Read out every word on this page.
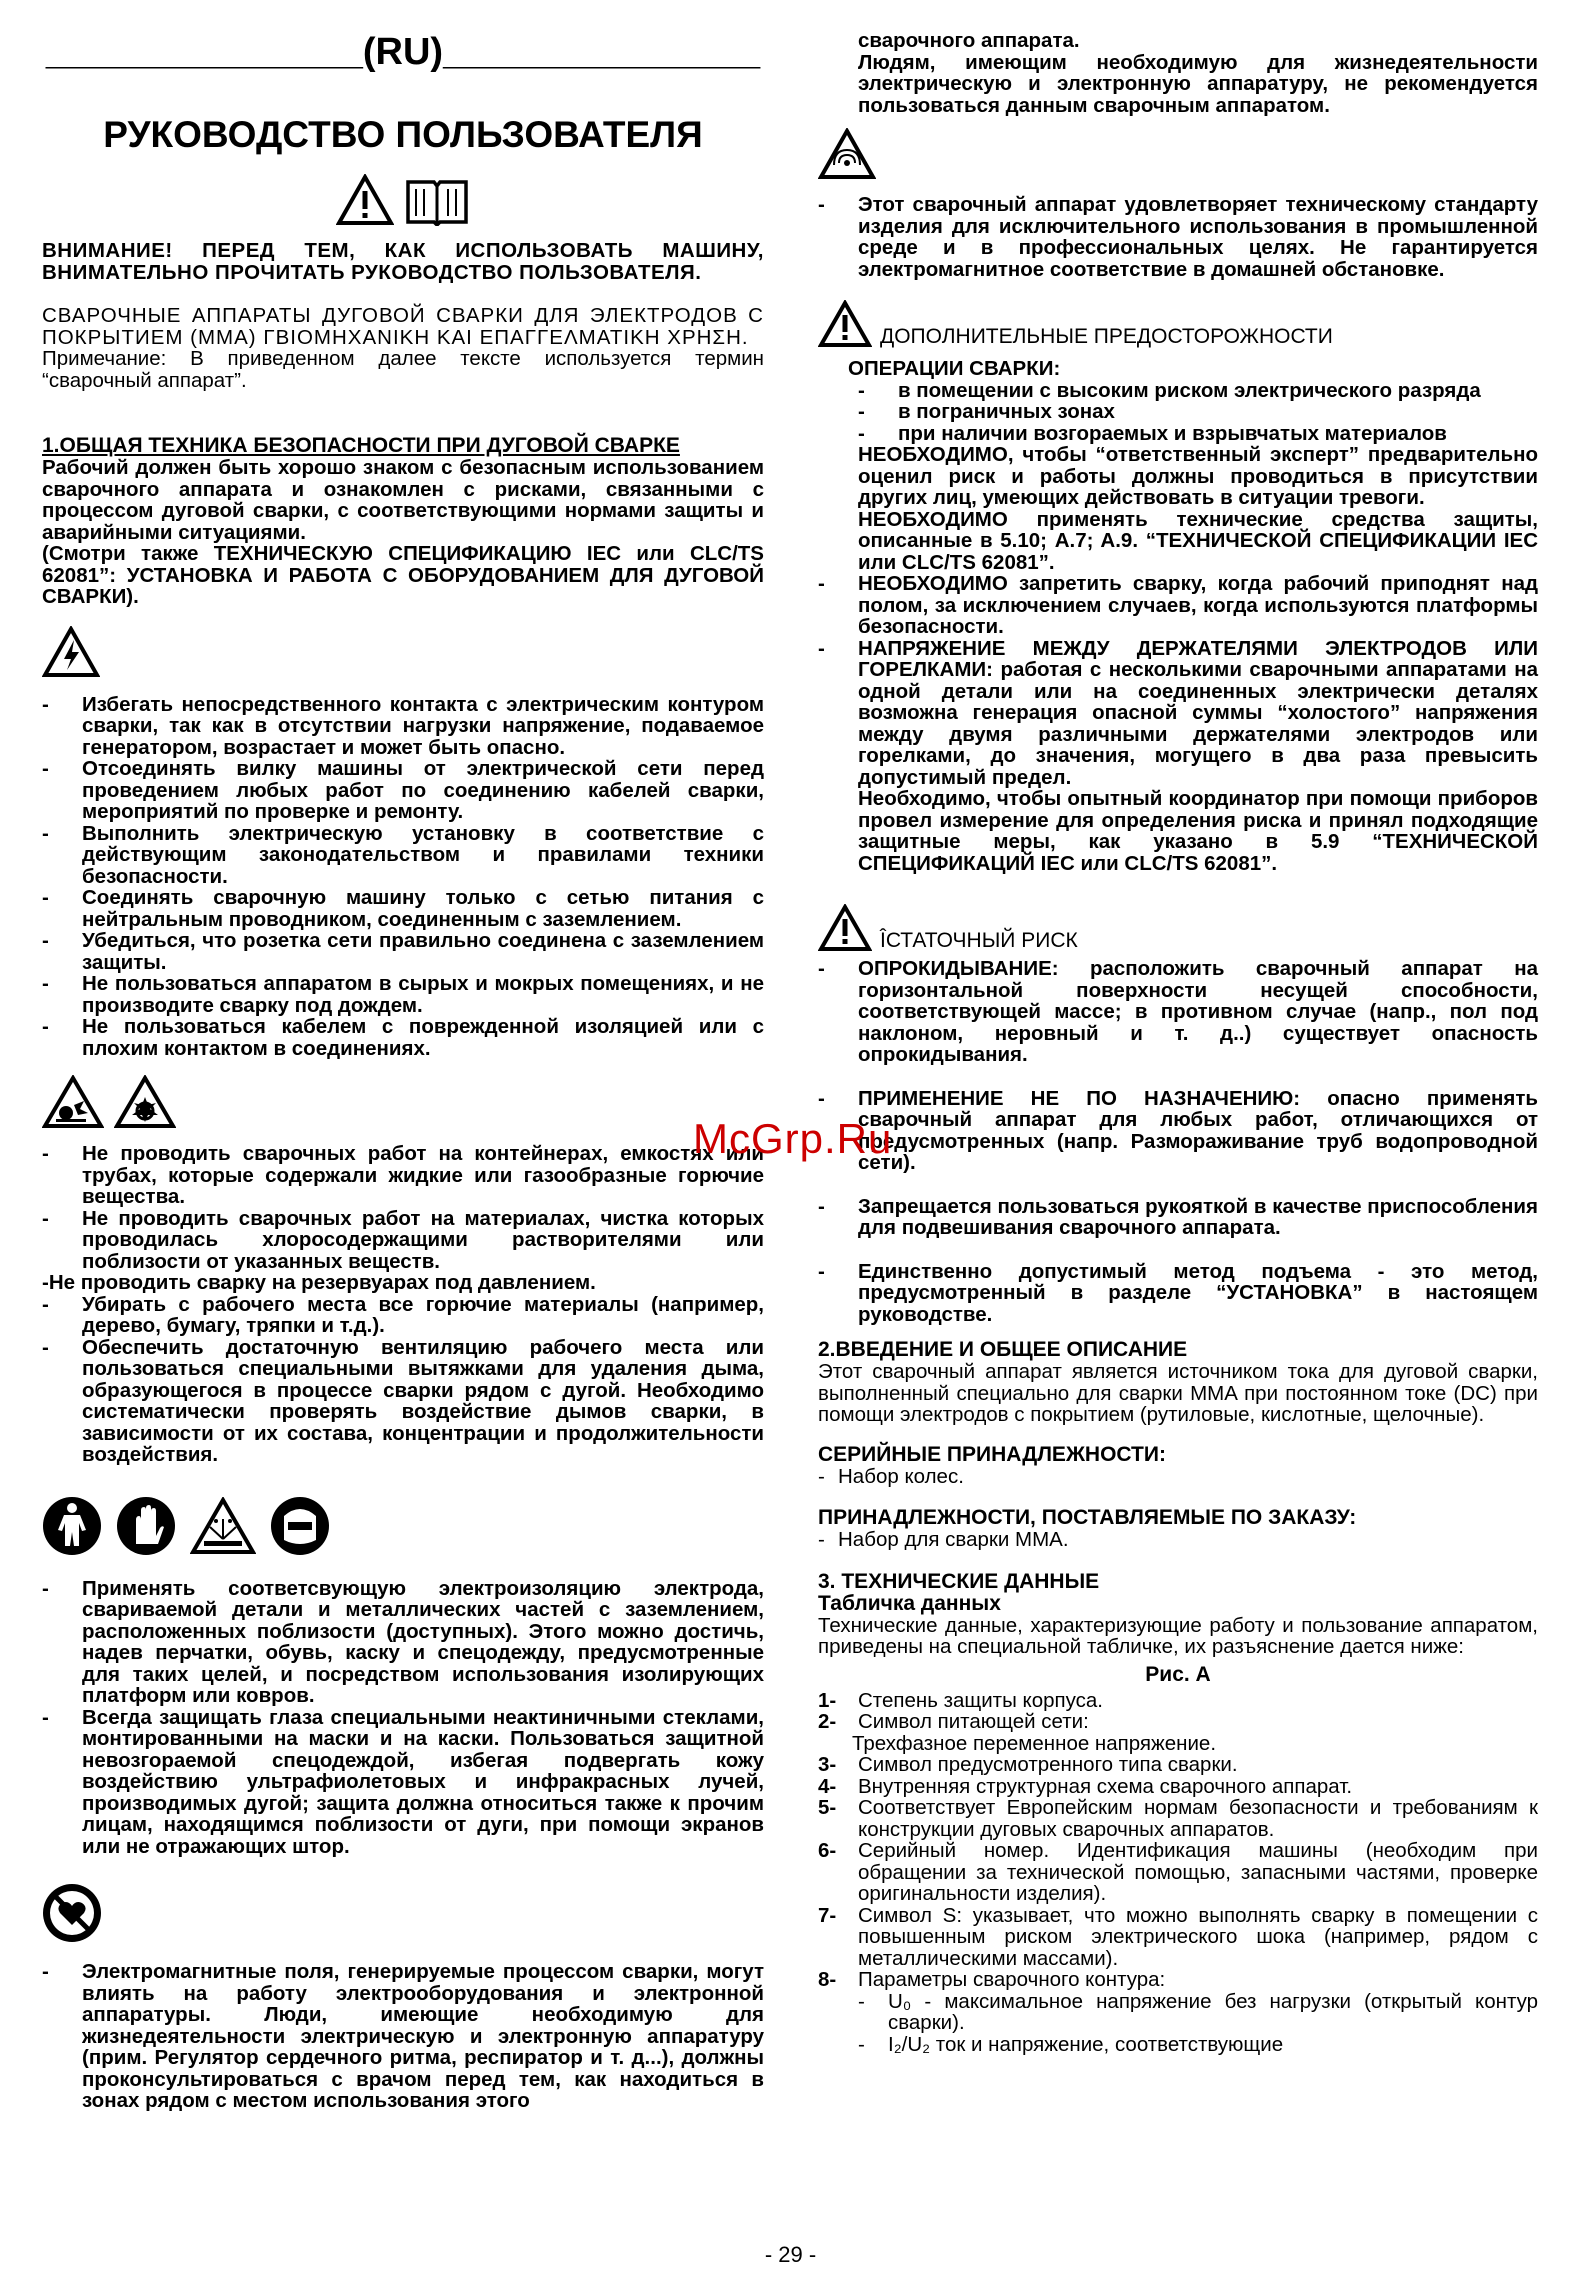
_______________(RU)_______________
РУКОВОДСТВО ПОЛЬЗОВАТЕЛЯ

ВНИМАНИЕ! ПЕРЕД ТЕМ, КАК ИСПОЛЬЗОВАТЬ МАШИНУ, ВНИМАТЕЛЬНО ПРОЧИТАТЬ РУКОВОДСТВО ПОЛЬЗОВАТЕЛЯ.

СВАРОЧНЫЕ АППАРАТЫ ДУГОВОЙ СВАРКИ ДЛЯ ЭЛЕКТРОДОВ С ПОКРЫТИЕМ (MMA) ΓΒΙΟΜΗΧΑΝΙΚΗ ΚΑΙ ΕΠΑΓΓΕΛΜΑΤΙΚΗ ΧΡΗΣΗ.

Примечание: В приведенном далее тексте используется термин “сварочный аппарат”.

1.ОБЩАЯ ТЕХНИКА БЕЗОПАСНОСТИ ПРИ ДУГОВОЙ СВАРКЕ

Рабочий должен быть хорошо знаком с безопасным использованием сварочного аппарата и ознакомлен с рисками, связанными с процессом дуговой сварки, с соответствующими нормами защиты и аварийными ситуациями.

(Смотри также ТЕХНИЧЕСКУЮ СПЕЦИФИКАЦИЮ IEC или CLC/TS 62081”: УСТАНОВКА И РАБОТА С ОБОРУДОВАНИЕМ ДЛЯ ДУГОВОЙ СВАРКИ).

- Избегать непосредственного контакта с электрическим контуром сварки, так как в отсутствии нагрузки напряжение, подаваемое генератором, возрастает и может быть опасно.

- Отсоединять вилку машины от электрической сети перед проведением любых работ по соединению кабелей сварки, мероприятий по проверке и ремонту.

- Выполнить электрическую установку в соответствие с действующим законодательством и правилами техники безопасности.

- Соединять сварочную машину только с сетью питания с нейтральным проводником, соединенным с заземлением.

- Убедиться, что розетка сети правильно соединена с заземлением защиты.

- Не пользоваться аппаратом в сырых и мокрых помещениях, и не производите сварку под дождем.

- Не пользоваться кабелем с поврежденной изоляцией или с плохим контактом в соединениях.

- Не проводить сварочных работ на контейнерах, емкостях или трубах, которые содержали жидкие или газообразные горючие вещества.

- Не проводить сварочных работ на материалах, чистка которых проводилась хлоросодержащими растворителями или поблизости от указанных веществ.

-Не проводить сварку на резервуарах под давлением.

- Убирать с рабочего места все горючие материалы (например, дерево, бумагу, тряпки и т.д.).

- Обеспечить достаточную вентиляцию рабочего места или пользоваться специальными вытяжками для удаления дыма, образующегося в процессе сварки рядом с дугой. Необходимо систематически проверять воздействие дымов сварки, в зависимости от их состава, концентрации и продолжительности воздействия.

- Применять соответсвующую электроизоляцию электрода, свариваемой детали и металлических частей с заземлением, расположенных поблизости (доступных). Этого можно достичь, надев перчатки, обувь, каску и спецодежду, предусмотренные для таких целей, и посредством использования изолирующих платформ или ковров.

- Всегда защищать глаза специальными неактиничными стеклами, монтированными на маски и на каски. Пользоваться защитной невозгораемой спецодеждой, избегая подвергать кожу воздействию ультрафиолетовых и инфракрасных лучей, производимых дугой; защита должна относиться также к прочим лицам, находящимся поблизости от дуги, при помощи экранов или не отражающих штор.

- Электромагнитные поля, генерируемые процессом сварки, могут влиять на работу электрооборудования и электронной аппаратуры. Люди, имеющие необходимую для жизнедеятельности электрическую и электронную аппаратуру (прим. Регулятор сердечного ритма, респиратор и т. д...), должны проконсультироваться с врачом перед тем, как находиться в зонах рядом с местом использования этого

сварочного аппарата.

Людям, имеющим необходимую для жизнедеятельности электрическую и электронную аппаратуру, не рекомендуется пользоваться данным сварочным аппаратом.

- Этот сварочный аппарат удовлетворяет техническому стандарту изделия для исключительного использования в промышленной среде и в профессиональных целях. Не гарантируется электромагнитное соответствие в домашней обстановке.

ДОПОЛНИТЕЛЬНЫЕ ПРЕДОСТОРОЖНОСТИ

ОПЕРАЦИИ СВАРКИ:

- в помещении с высоким риском электрического разряда

- в пограничных зонах

- при наличии возгораемых и взрывчатых материалов

НЕОБХОДИМО, чтобы “ответственный эксперт” предварительно оценил риск и работы должны проводиться в присутствии других лиц, умеющих действовать в ситуации тревоги.

НЕОБХОДИМО применять технические средства защиты, описанные в 5.10; A.7; A.9. “ТЕХНИЧЕСКОЙ СПЕЦИФИКАЦИИ IEC или CLC/TS 62081”.

- НЕОБХОДИМО запретить сварку, когда рабочий приподнят над полом, за исключением случаев, когда используются платформы безопасности.

- НАПРЯЖЕНИЕ МЕЖДУ ДЕРЖАТЕЛЯМИ ЭЛЕКТРОДОВ ИЛИ ГОРЕЛКАМИ: работая с несколькими сварочными аппаратами на одной детали или на соединенных электрически деталях возможна генерация опасной суммы “холостого” напряжения между двумя различными держателями электродов или горелками, до значения, могущего в два раза превысить допустимый предел.

Необходимо, чтобы опытный координатор при помощи приборов провел измерение для определения риска и принял подходящие защитные меры, как указано в 5.9 “ТЕХНИЧЕСКОЙ СПЕЦИФИКАЦИЙ IEC или CLC/TS 62081”.

ÎСТАТОЧНЫЙ РИСК

- ОПРОКИДЫВАНИЕ: расположить сварочный аппарат на горизонтальной поверхности несущей способности, соответствующей массе; в противном случае (напр., пол под наклоном, неровный и т. д..) существует опасность опрокидывания.

- ПРИМЕНЕНИЕ НЕ ПО НАЗНАЧЕНИЮ: опасно применять сварочный аппарат для любых работ, отличающихся от предусмотренных (напр. Размораживание труб водопроводной сети).

- Запрещается пользоваться рукояткой в качестве приспособления для подвешивания сварочного аппарата.

- Единственно допустимый метод подъема - это метод, предусмотренный в разделе “УСТАНОВКА” в настоящем руководстве.

2.ВВЕДЕНИЕ И ОБЩЕЕ ОПИСАНИЕ

Этот сварочный аппарат является источником тока для дуговой сварки, выполненный специально для сварки MMA при постоянном токе (DC) при помощи электродов с покрытием (рутиловые, кислотные, щелочные).

СЕРИЙНЫЕ ПРИНАДЛЕЖНОСТИ:

- Набор колес.

ПРИНАДЛЕЖНОСТИ, ПОСТАВЛЯЕМЫЕ ПО ЗАКАЗУ:

- Набор для сварки MMA.

3. ТЕХНИЧЕСКИЕ ДАННЫЕ

Табличка данных

Технические данные, характеризующие работу и пользование аппаратом, приведены на специальной табличке, их разъяснение дается ниже:

Рис. A

1- Степень защиты корпуса.

2- Символ питающей сети:

Трехфазное переменное напряжение.

3- Символ предусмотренного типа сварки.

4- Внутренняя структурная схема сварочного аппарат.

5- Соответствует Европейским нормам безопасности и требованиям к конструкции дуговых сварочных аппаратов.

6- Серийный номер. Идентификация машины (необходим при обращении за технической помощью, запасными частями, проверке оригинальности изделия).

7- Символ S: указывает, что можно выполнять сварку в помещении с повышенным риском электрического шока (например, рядом с металлическими массами).

8- Параметры сварочного контура:

- U₀ - максимальное напряжение без нагрузки (открытый контур сварки).

- I₂/U₂ ток и напряжение, соответствующие

McGrp.Ru
- 29 -
